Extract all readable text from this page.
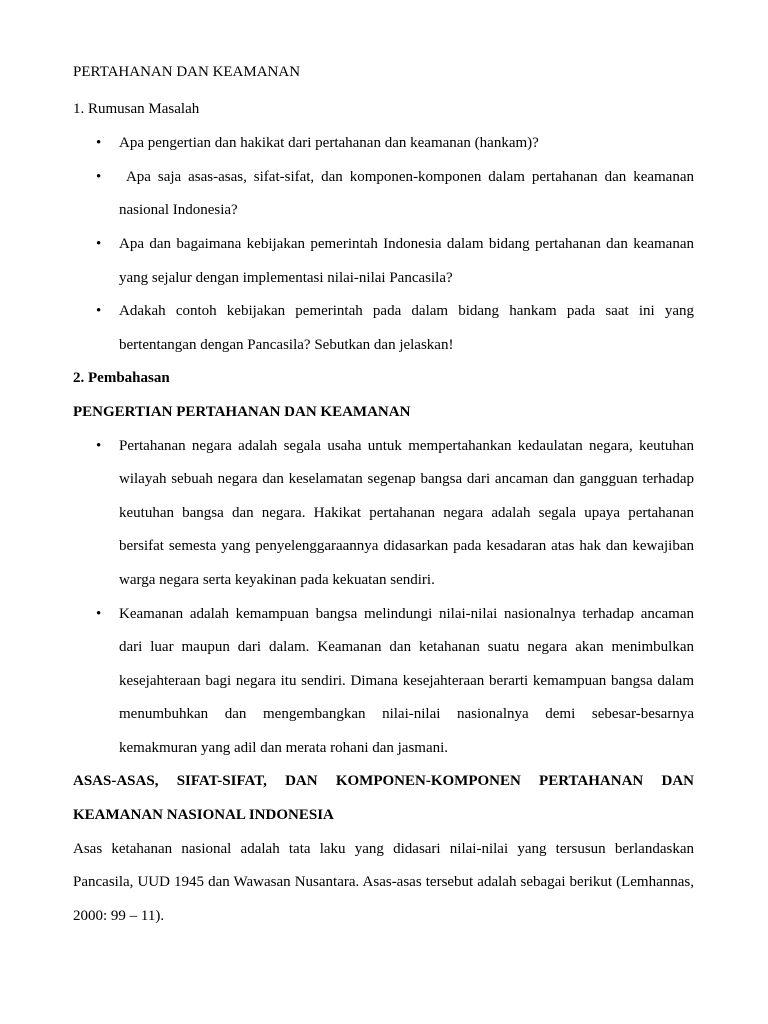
PERTAHANAN DAN KEAMANAN

1. Rumusan Masalah

• Apa pengertian dan hakikat dari pertahanan dan keamanan (hankam)?
• Apa saja asas-asas, sifat-sifat, dan komponen-komponen dalam pertahanan dan keamanan nasional Indonesia?
• Apa dan bagaimana kebijakan pemerintah Indonesia dalam bidang pertahanan dan keamanan yang sejalur dengan implementasi nilai-nilai Pancasila?
• Adakah contoh kebijakan pemerintah pada dalam bidang hankam pada saat ini yang bertentangan dengan Pancasila? Sebutkan dan jelaskan!

2. Pembahasan

PENGERTIAN PERTAHANAN DAN KEAMANAN

• Pertahanan negara adalah segala usaha untuk mempertahankan kedaulatan negara, keutuhan wilayah sebuah negara dan keselamatan segenap bangsa dari ancaman dan gangguan terhadap keutuhan bangsa dan negara. Hakikat pertahanan negara adalah segala upaya pertahanan bersifat semesta yang penyelenggaraannya didasarkan pada kesadaran atas hak dan kewajiban warga negara serta keyakinan pada kekuatan sendiri.
• Keamanan adalah kemampuan bangsa melindungi nilai-nilai nasionalnya terhadap ancaman dari luar maupun dari dalam. Keamanan dan ketahanan suatu negara akan menimbulkan kesejahteraan bagi negara itu sendiri. Dimana kesejahteraan berarti kemampuan bangsa dalam menumbuhkan dan mengembangkan nilai-nilai nasionalnya demi sebesar-besarnya kemakmuran yang adil dan merata rohani dan jasmani.

ASAS-ASAS, SIFAT-SIFAT, DAN KOMPONEN-KOMPONEN PERTAHANAN DAN

KEAMANAN NASIONAL INDONESIA

Asas ketahanan nasional adalah tata laku yang didasari nilai-nilai yang tersusun berlandaskan Pancasila, UUD 1945 dan Wawasan Nusantara. Asas-asas tersebut adalah sebagai berikut (Lemhannas, 2000: 99 – 11).
